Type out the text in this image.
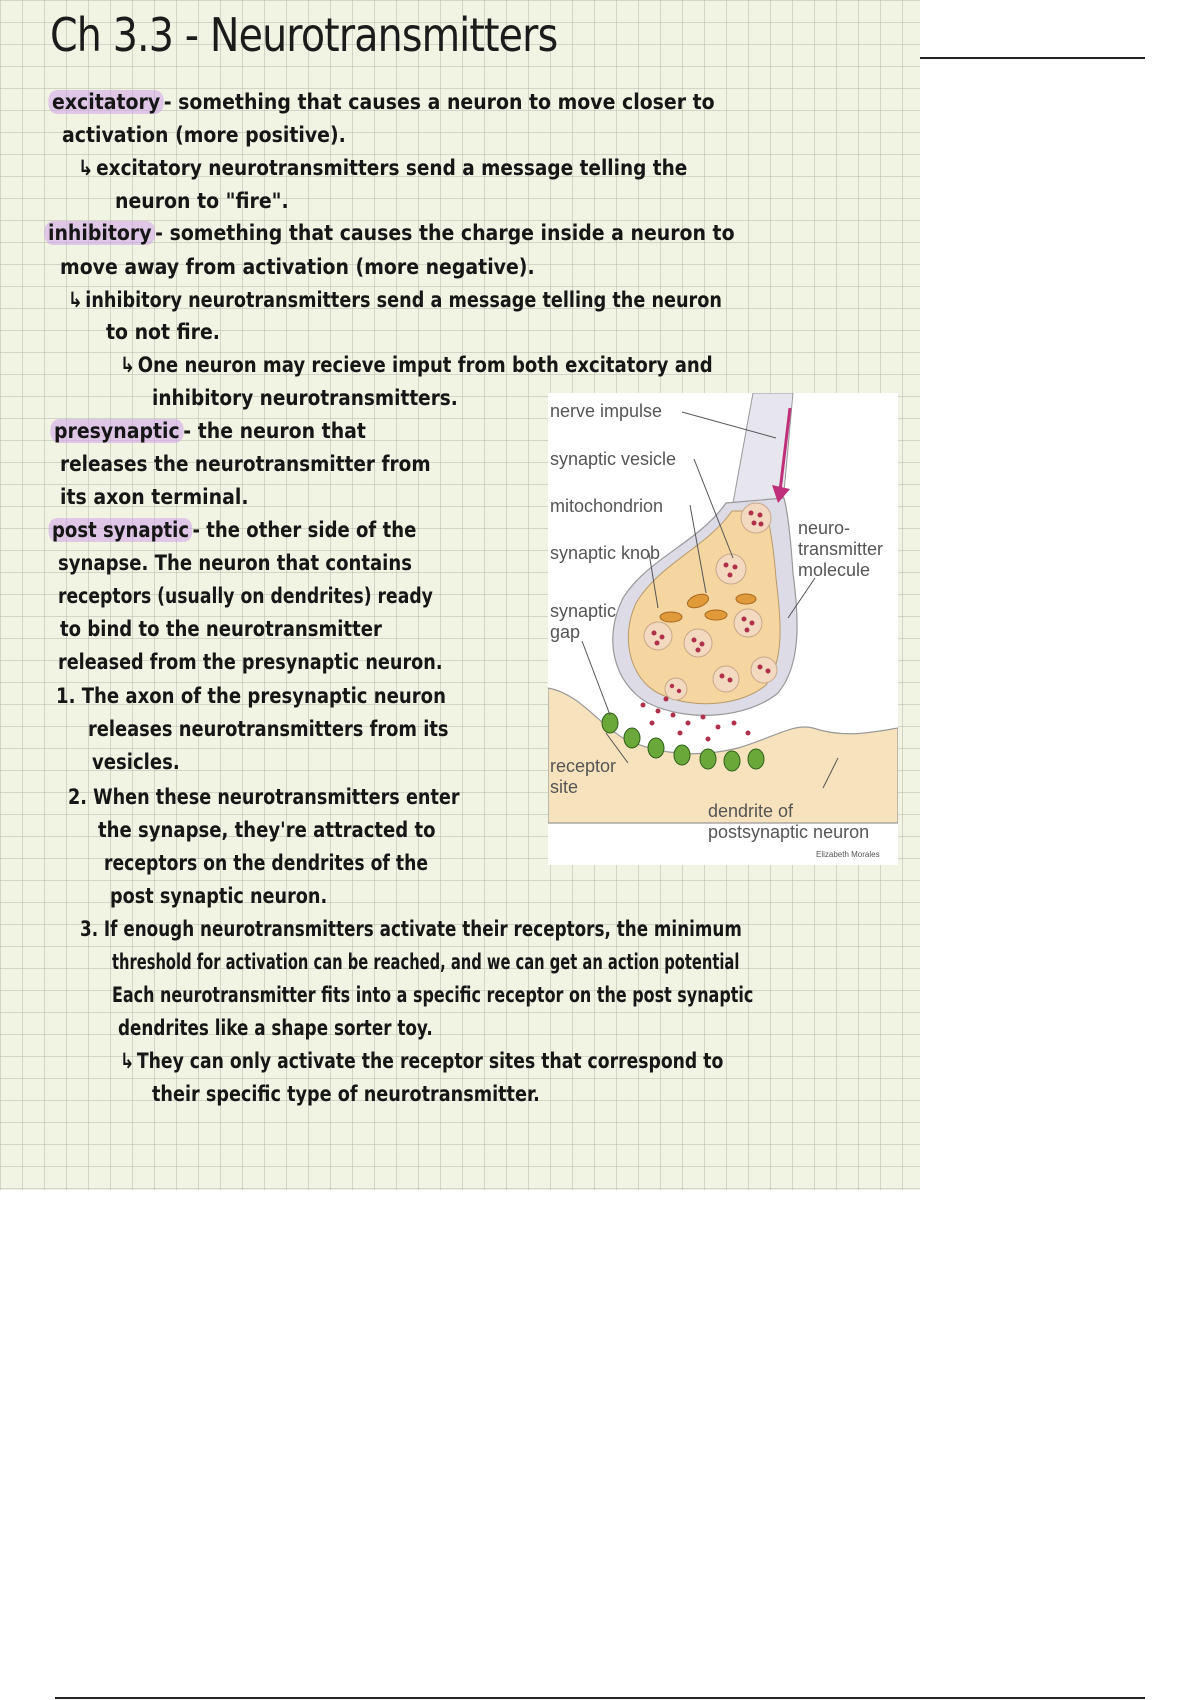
Ch 3.3 - Neurotransmitters
excitatory - something that causes a neuron to move closer to
activation (more positive).
↳ excitatory neurotransmitters send a message telling the
neuron to "fire".
inhibitory - something that causes the charge inside a neuron to
move away from activation (more negative).
↳ inhibitory neurotransmitters send a message telling the neuron
to not fire.
↳ One neuron may recieve imput from both excitatory and
inhibitory neurotransmitters.
presynaptic - the neuron that
releases the neurotransmitter from
its axon terminal.
post synaptic - the other side of the
synapse. The neuron that contains
receptors (usually on dendrites) ready
to bind to the neurotransmitter
released from the presynaptic neuron.
1. The axon of the presynaptic neuron
releases neurotransmitters from its
vesicles.
2. When these neurotransmitters enter
the synapse, they're attracted to
receptors on the dendrites of the
post synaptic neuron.
3. If enough neurotransmitters activate their receptors, the minimum
threshold for activation can be reached, and we can get an action potential
Each neurotransmitter fits into a specific receptor on the post synaptic
dendrites like a shape sorter toy.
↳ They can only activate the receptor sites that correspond to
their specific type of neurotransmitter.
nerve impulse
synaptic vesicle
mitochondrion
synaptic knob
synaptic
gap
neuro-
transmitter
molecule
receptor
site
dendrite of
postsynaptic neuron
Elizabeth Morales
